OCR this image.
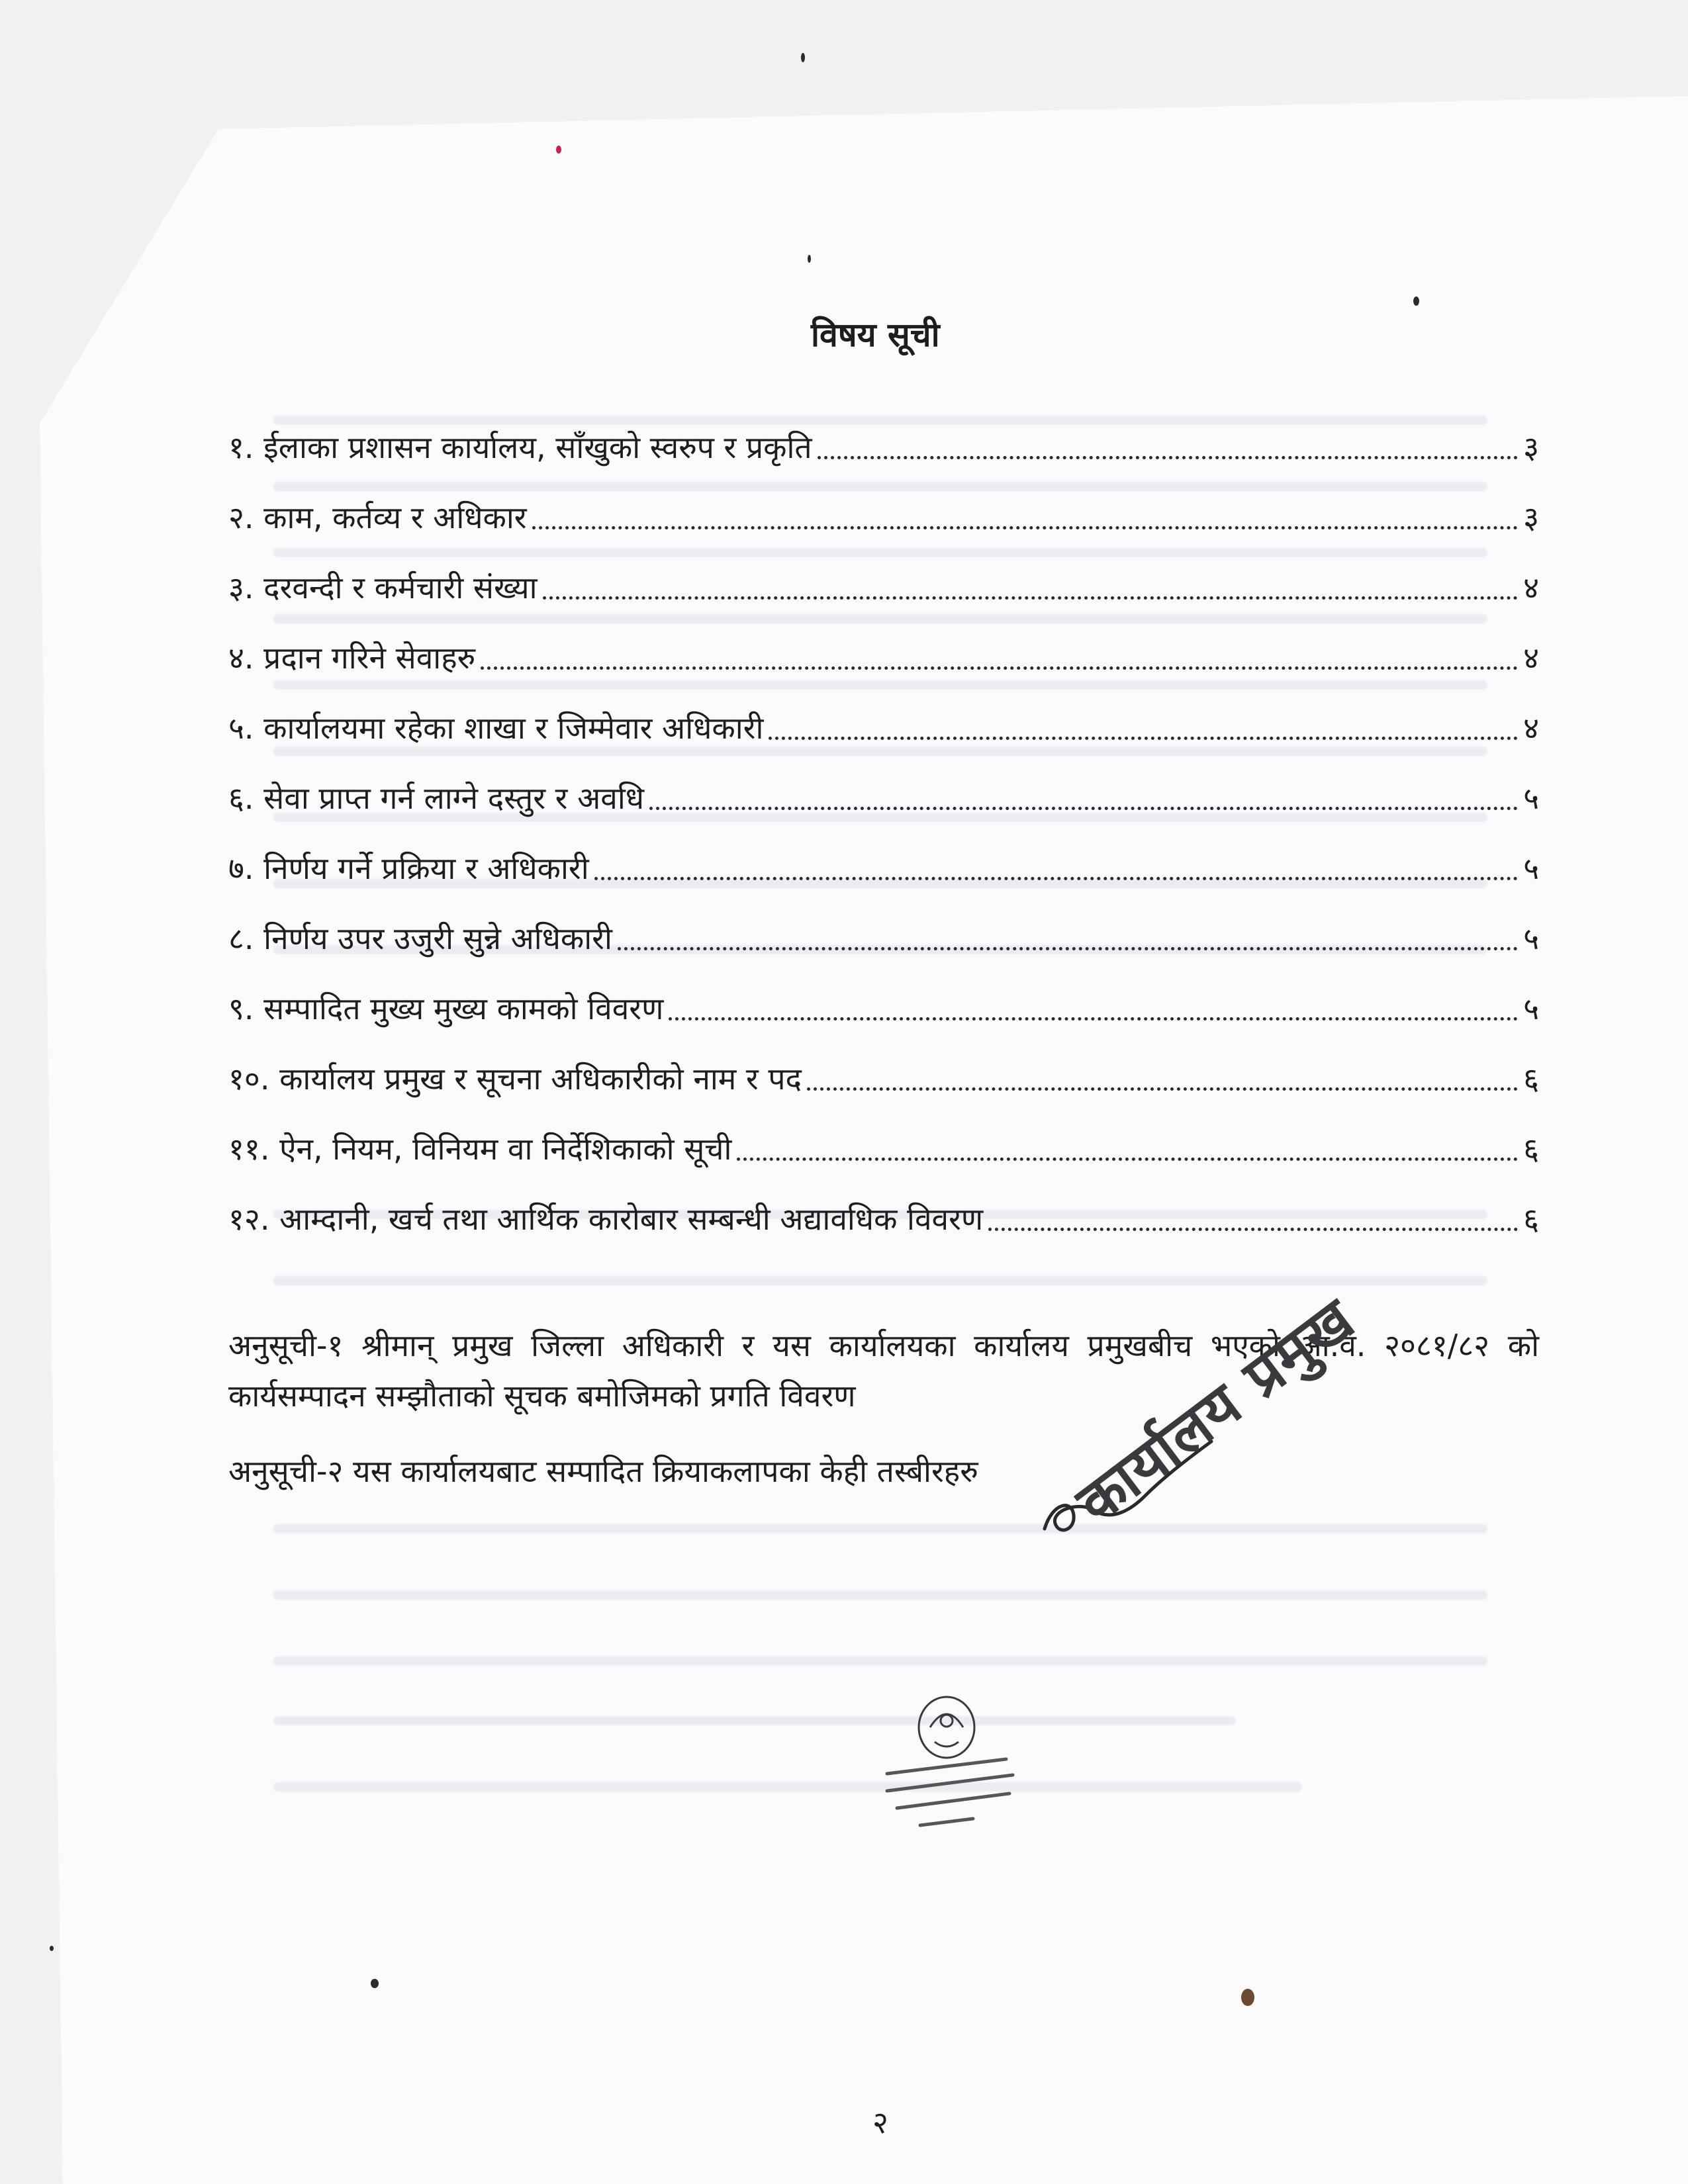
विषय सूची
१. ईलाका प्रशासन कार्यालय, साँखुको स्वरुप र प्रकृति	३
२. काम, कर्तव्य र अधिकार	३
३. दरवन्दी र कर्मचारी संख्या	४
४. प्रदान गरिने सेवाहरु	४
५. कार्यालयमा रहेका शाखा र जिम्मेवार अधिकारी	४
६. सेवा प्राप्त गर्न लाग्ने दस्तुर र अवधि	५
७. निर्णय गर्ने प्रक्रिया र अधिकारी	५
८. निर्णय उपर उजुरी सुन्ने अधिकारी	५
९. सम्पादित मुख्य मुख्य कामको विवरण	५
१०. कार्यालय प्रमुख र सूचना अधिकारीको नाम र पद	६
११. ऐन, नियम, विनियम वा निर्देशिकाको सूची	६
१२. आम्दानी, खर्च तथा आर्थिक कारोबार सम्बन्धी अद्यावधिक विवरण	६
अनुसूची-१ श्रीमान् प्रमुख जिल्ला अधिकारी र यस कार्यालयका कार्यालय प्रमुखबीच भएको आ.व. २०८१/८२ को कार्यसम्पादन सम्झौताको सूचक बमोजिमको प्रगति विवरण
अनुसूची-२ यस कार्यालयबाट सम्पादित क्रियाकलापका केही तस्बीरहरु	कार्यालय प्रमुख
२
